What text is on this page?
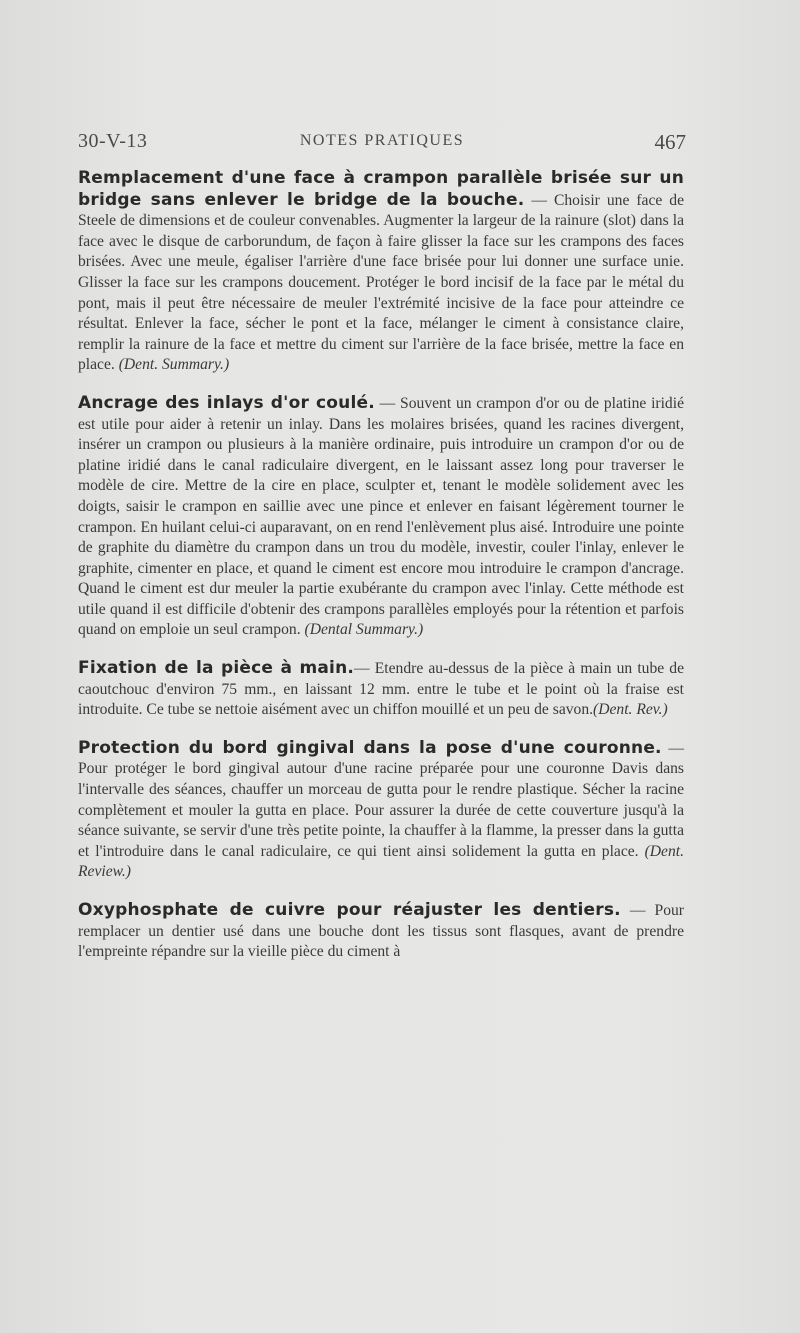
30-V-13	NOTES PRATIQUES	467

Remplacement d'une face à crampon parallèle brisée sur un bridge sans enlever le bridge de la bouche. — Choisir une face de Steele de dimensions et de couleur convenables. Augmenter la largeur de la rainure (slot) dans la face avec le disque de carborundum, de façon à faire glisser la face sur les crampons des faces brisées. Avec une meule, égaliser l'arrière d'une face brisée pour lui donner une surface unie. Glisser la face sur les crampons doucement. Protéger le bord incisif de la face par le métal du pont, mais il peut être nécessaire de meuler l'extrémité incisive de la face pour atteindre ce résultat. Enlever la face, sécher le pont et la face, mélanger le ciment à consistance claire, remplir la rainure de la face et mettre du ciment sur l'arrière de la face brisée, mettre la face en place. (Dent. Summary.)

Ancrage des inlays d'or coulé. — Souvent un crampon d'or ou de platine iridié est utile pour aider à retenir un inlay. Dans les molaires brisées, quand les racines divergent, insérer un crampon ou plusieurs à la manière ordinaire, puis introduire un crampon d'or ou de platine iridié dans le canal radiculaire divergent, en le laissant assez long pour traverser le modèle de cire. Mettre de la cire en place, sculpter et, tenant le modèle solidement avec les doigts, saisir le crampon en saillie avec une pince et enlever en faisant légèrement tourner le crampon. En huilant celui-ci auparavant, on en rend l'enlèvement plus aisé. Introduire une pointe de graphite du diamètre du crampon dans un trou du modèle, investir, couler l'inlay, enlever le graphite, cimenter en place, et quand le ciment est encore mou introduire le crampon d'ancrage. Quand le ciment est dur meuler la partie exubérante du crampon avec l'inlay. Cette méthode est utile quand il est difficile d'obtenir des crampons parallèles employés pour la rétention et parfois quand on emploie un seul crampon. (Dental Summary.)

Fixation de la pièce à main.— Etendre au-dessus de la pièce à main un tube de caoutchouc d'environ 75 mm., en laissant 12 mm. entre le tube et le point où la fraise est introduite. Ce tube se nettoie aisément avec un chiffon mouillé et un peu de savon.(Dent. Rev.)

Protection du bord gingival dans la pose d'une couronne. — Pour protéger le bord gingival autour d'une racine préparée pour une couronne Davis dans l'intervalle des séances, chauffer un morceau de gutta pour le rendre plastique. Sécher la racine complètement et mouler la gutta en place. Pour assurer la durée de cette couverture jusqu'à la séance suivante, se servir d'une très petite pointe, la chauffer à la flamme, la presser dans la gutta et l'introduire dans le canal radiculaire, ce qui tient ainsi solidement la gutta en place. (Dent. Review.)

Oxyphosphate de cuivre pour réajuster les dentiers. — Pour remplacer un dentier usé dans une bouche dont les tissus sont flasques, avant de prendre l'empreinte répandre sur la vieille pièce du ciment à
